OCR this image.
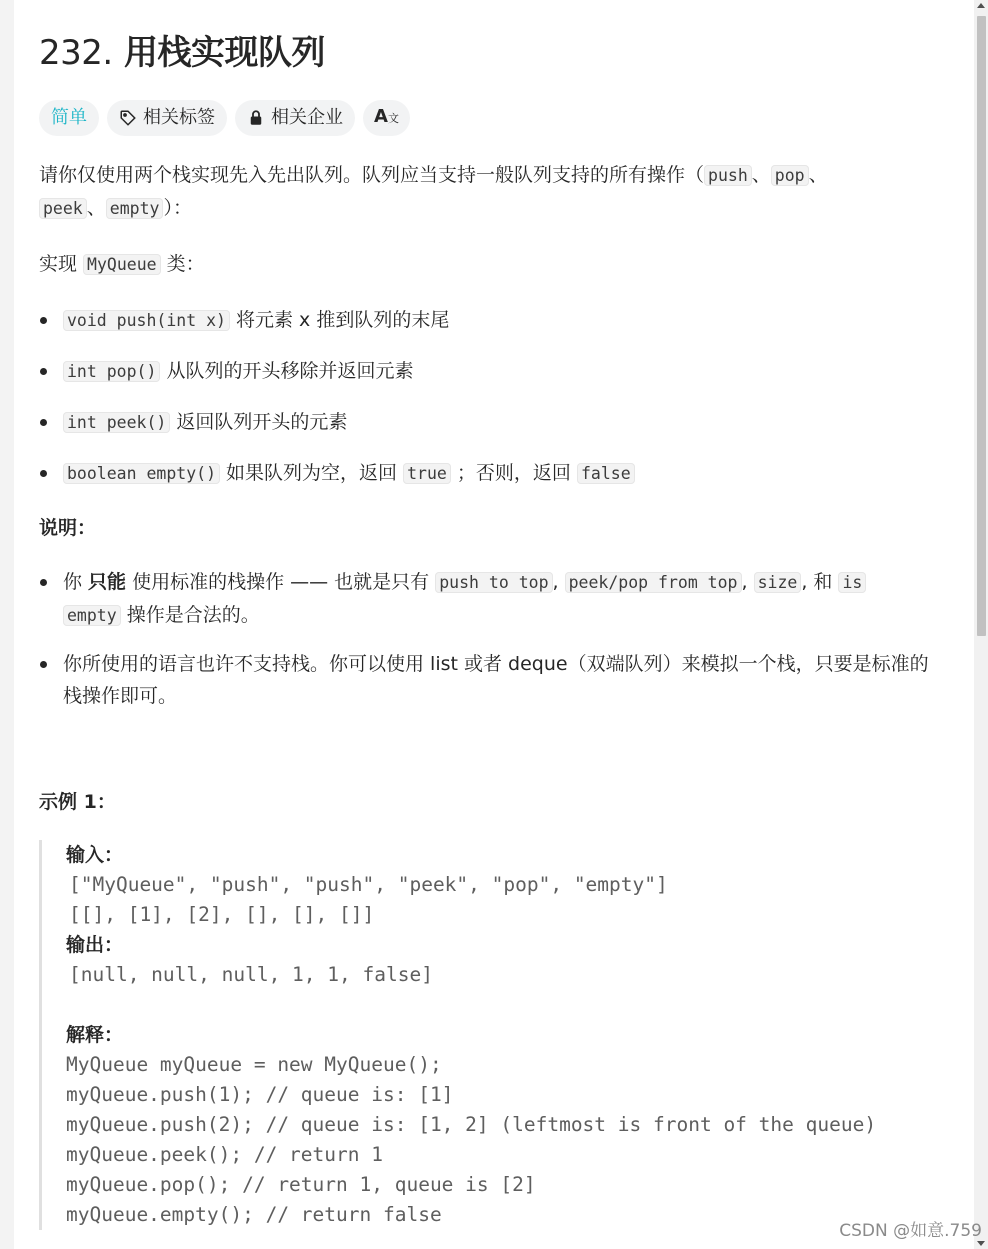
232. 用栈实现队列
简单	相关标签	相关企业 A文

请你仅使用两个栈实现先入先出队列。队列应当支持一般队列支持的所有操作（ push 、 pop 、
peek 、 empty ）：

实现 MyQueue 类：

void push(int x) 将元素 x 推到队列的末尾
int pop() 从队列的开头移除并返回元素
int peek() 返回队列开头的元素
boolean empty() 如果队列为空，返回 true ；否则，返回 false

说明：

你 只能 使用标准的栈操作 —— 也就是只有 push to top , peek/pop from top , size , 和 is
empty 操作是合法的。
你所使用的语言也许不支持栈。你可以使用 list 或者 deque（双端队列）来模拟一个栈，只要是标准的栈操作即可。
示例 1：
输入：
["MyQueue", "push", "push", "peek", "pop", "empty"]
[[], [1], [2], [], [], []]
输出：
[null, null, null, 1, 1, false]
解释：
MyQueue myQueue = new MyQueue();
myQueue.push(1); // queue is: [1]
myQueue.push(2); // queue is: [1, 2] (leftmost is front of the queue)
myQueue.peek(); // return 1
myQueue.pop(); // return 1, queue is [2]
myQueue.empty(); // return false
CSDN @如意.759
